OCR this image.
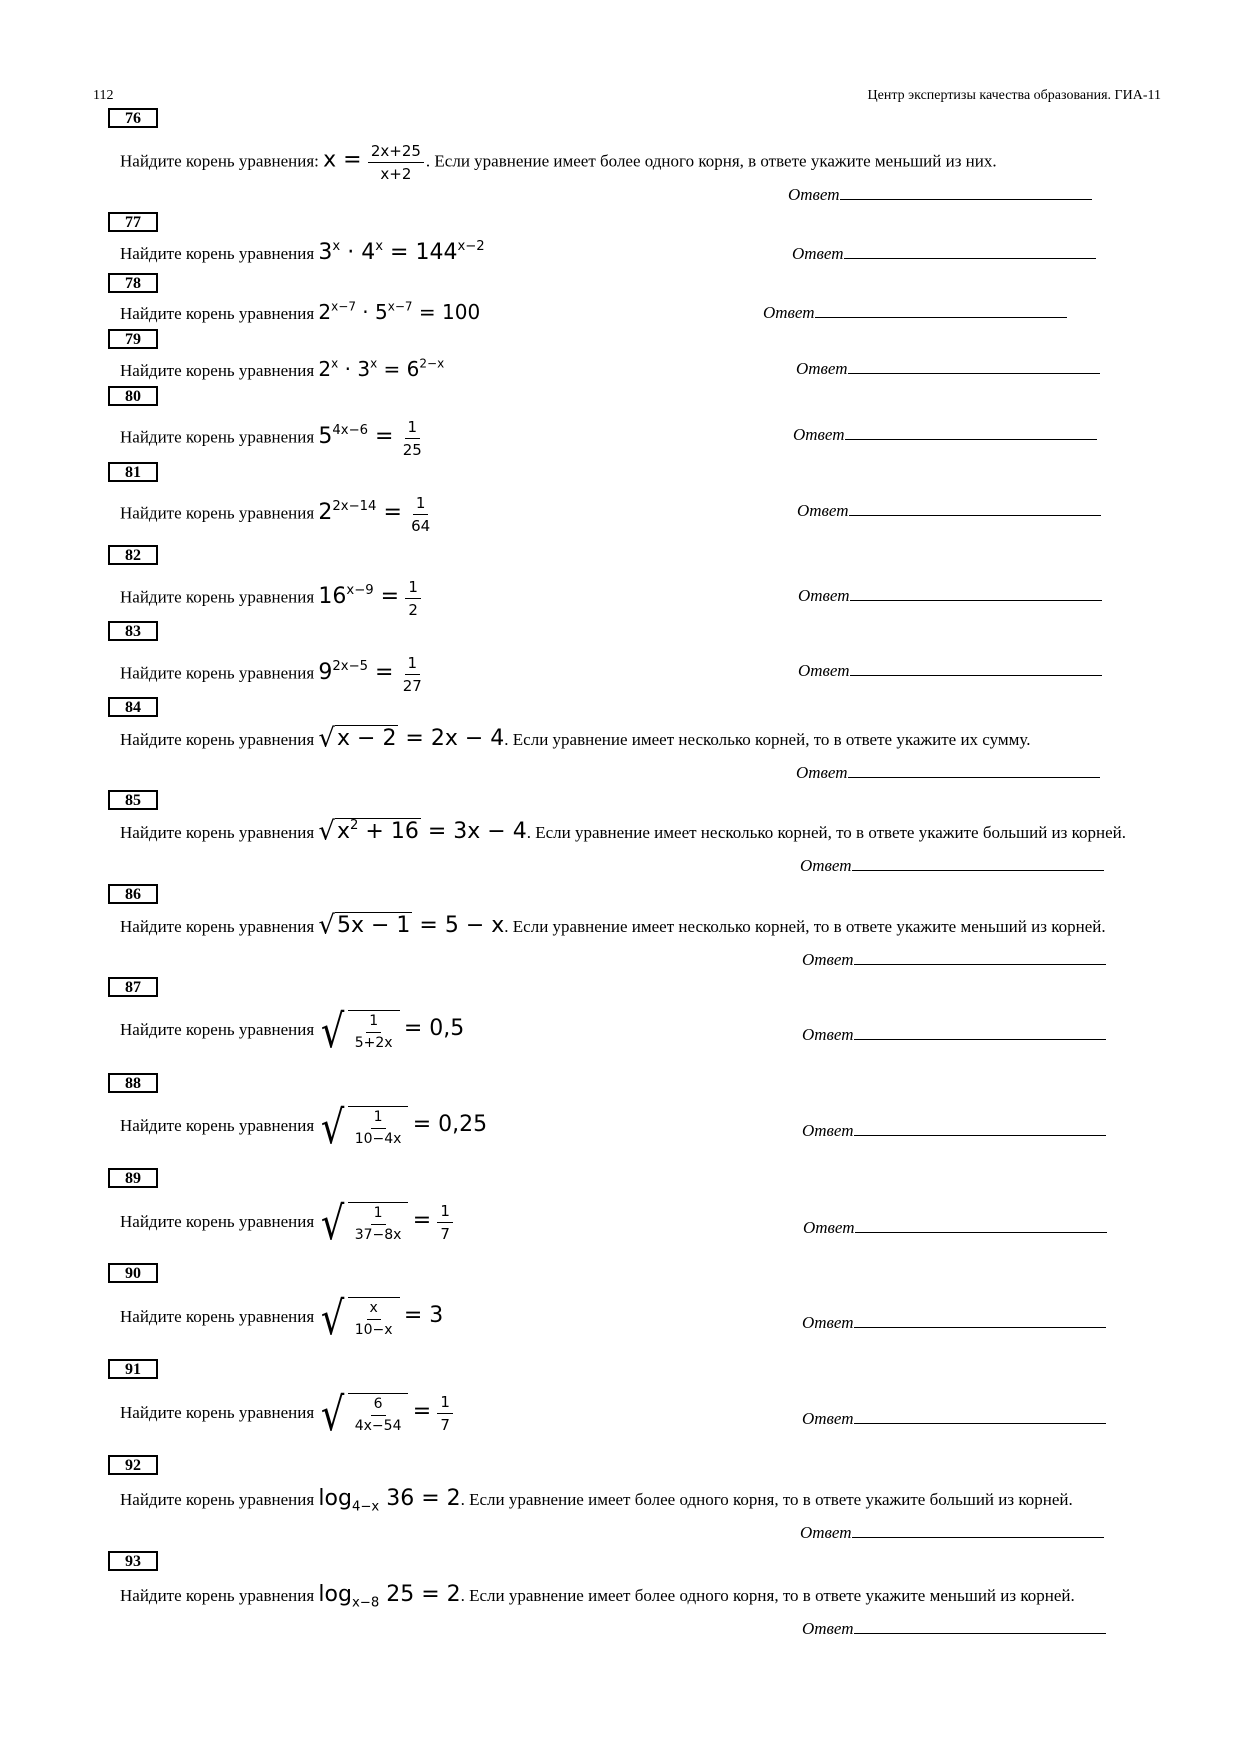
112	Центр экспертизы качества образования. ГИА-11
76
Найдите корень уравнения: $x = \frac{2x+25}{x+2}$ . Если уравнение имеет более одного корня, в ответе укажите меньший из них.
Ответ
77
Найдите корень уравнения $3^x \cdot 4^x = 144^{x-2}$	Ответ
78
Найдите корень уравнения $2^{x-7} \cdot 5^{x-7} = 100$	Ответ
79
Найдите корень уравнения $2^x \cdot 3^x = 6^{2-x}$	Ответ
80
Найдите корень уравнения $5^{4x-6} = \frac{1}{25}$	Ответ
81
Найдите корень уравнения $2^{2x-14} = \frac{1}{64}$	Ответ
82
Найдите корень уравнения $16^{x-9} = \frac{1}{2}$	Ответ
83
Найдите корень уравнения $9^{2x-5} = \frac{1}{27}$	Ответ
84
Найдите корень уравнения √x − 2 = 2x − 4. Если уравнение имеет несколько корней, то в ответе укажите их сумму.
Ответ
85
Найдите корень уравнения $√x^2 + 16 = 3x - 4$. Если уравнение имеет несколько корней, то в ответе укажите больший из корней.
Ответ
86
Найдите корень уравнения √5x − 1 = 5 − x. Если уравнение имеет несколько корней, то в ответе укажите меньший из корней.
Ответ
87
Найдите корень уравнения √ $\frac{1}{5+2x} = 0,5$	Ответ
88
Найдите корень уравнения √ $\frac{1}{10-4x} = 0,25$	Ответ
89
Найдите корень уравнения √ $\frac{1}{37-8x} = \frac{1}{7}$	Ответ
90
Найдите корень уравнения √ $\frac{x}{10-x} = 3$	Ответ
91
Найдите корень уравнения √ $\frac{6}{4x-54} = \frac{1}{7}$	Ответ
92
Найдите корень уравнения $\log_{4-x} 36 = 2$. Если уравнение имеет более одного корня, то в ответе укажите больший из корней.
Ответ
93
Найдите корень уравнения $\log_{x-8} 25 = 2$. Если уравнение имеет более одного корня, то в ответе укажите меньший из корней.
Ответ
